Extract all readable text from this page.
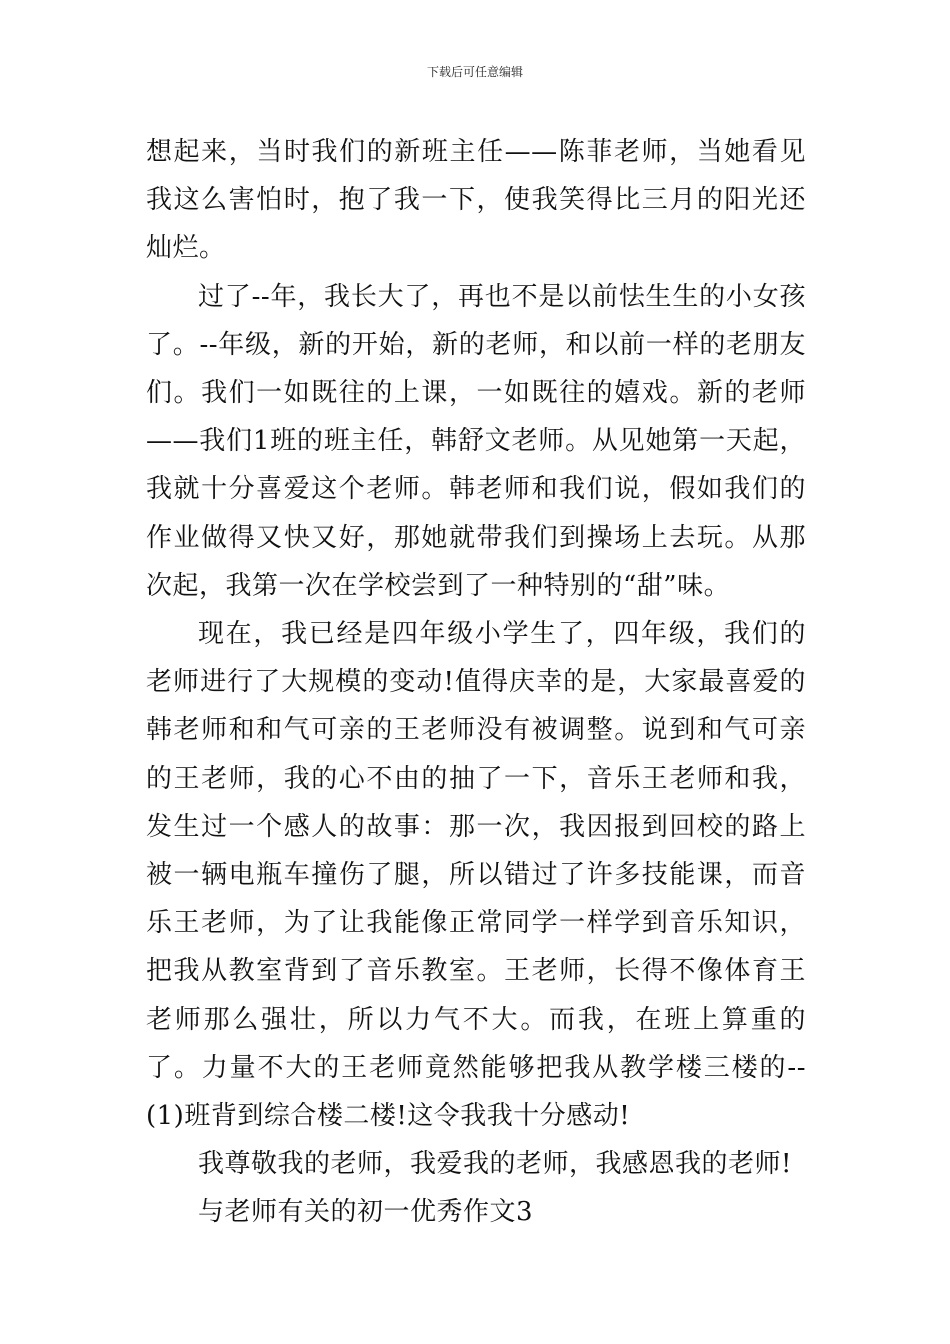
下载后可任意编辑

想起来，当时我们的新班主任——陈菲老师，当她看见我这么害怕时，抱了我一下，使我笑得比三月的阳光还灿烂。

过了--年，我长大了，再也不是以前怯生生的小女孩了。--年级，新的开始，新的老师，和以前一样的老朋友们。我们一如既往的上课，一如既往的嬉戏。新的老师——我们1班的班主任，韩舒文老师。从见她第一天起，我就十分喜爱这个老师。韩老师和我们说，假如我们的作业做得又快又好，那她就带我们到操场上去玩。从那次起，我第一次在学校尝到了一种特别的“甜”味。

现在，我已经是四年级小学生了，四年级，我们的老师进行了大规模的变动!值得庆幸的是，大家最喜爱的韩老师和和气可亲的王老师没有被调整。说到和气可亲的王老师，我的心不由的抽了一下，音乐王老师和我，发生过一个感人的故事：那一次，我因报到回校的路上被一辆电瓶车撞伤了腿，所以错过了许多技能课，而音乐王老师，为了让我能像正常同学一样学到音乐知识，把我从教室背到了音乐教室。王老师，长得不像体育王老师那么强壮，所以力气不大。而我，在班上算重的了。力量不大的王老师竟然能够把我从教学楼三楼的--(1)班背到综合楼二楼!这令我我十分感动!

我尊敬我的老师，我爱我的老师，我感恩我的老师!

与老师有关的初一优秀作文3
